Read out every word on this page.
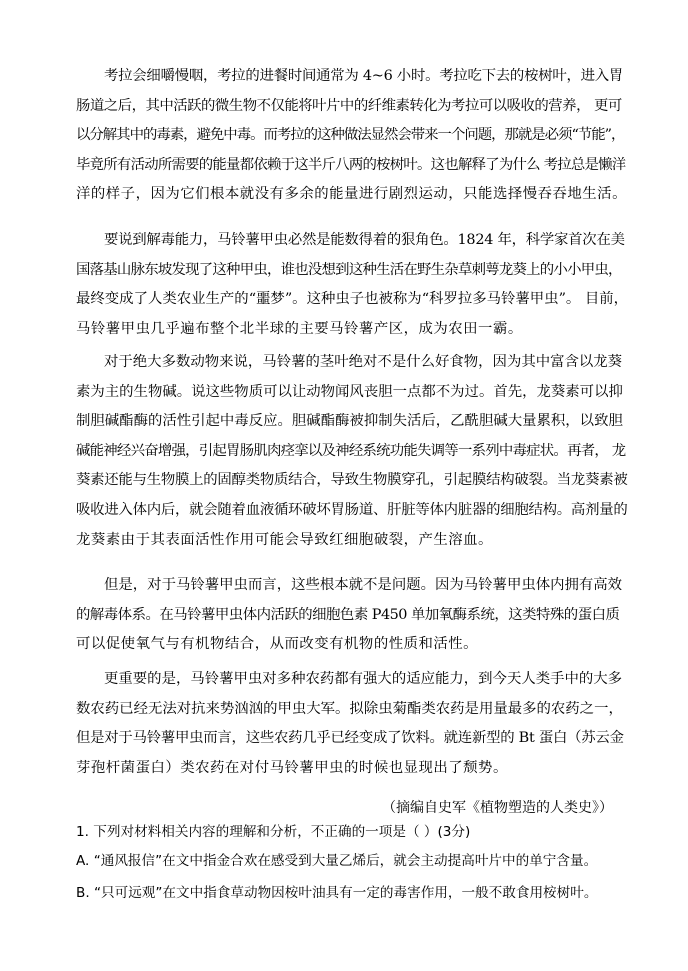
考拉会细嚼慢咽，考拉的进餐时间通常为 4~6 小时。考拉吃下去的桉树叶，进入胃
肠道之后，其中活跃的微生物不仅能将叶片中的纤维素转化为考拉可以吸收的营养， 更可
以分解其中的毒素，避免中毒。而考拉的这种做法显然会带来一个问题，那就是必须“节能”，
毕竟所有活动所需要的能量都依赖于这半斤八两的桉树叶。这也解释了为什么 考拉总是懒洋
洋的样子，因为它们根本就没有多余的能量进行剧烈运动，只能选择慢吞吞地生活。
要说到解毒能力，马铃薯甲虫必然是能数得着的狠角色。1824 年，科学家首次在美
国落基山脉东坡发现了这种甲虫，谁也没想到这种生活在野生杂草刺萼龙葵上的小小甲虫，
最终变成了人类农业生产的“噩梦”。这种虫子也被称为“科罗拉多马铃薯甲虫”。 目前，
马铃薯甲虫几乎遍布整个北半球的主要马铃薯产区，成为农田一霸。
对于绝大多数动物来说，马铃薯的茎叶绝对不是什么好食物，因为其中富含以龙葵
素为主的生物碱。说这些物质可以让动物闻风丧胆一点都不为过。首先，龙葵素可以抑
制胆碱酯酶的活性引起中毒反应。胆碱酯酶被抑制失活后，乙酰胆碱大量累积，以致胆
碱能神经兴奋增强，引起胃肠肌肉痉挛以及神经系统功能失调等一系列中毒症状。再者， 龙
葵素还能与生物膜上的固醇类物质结合，导致生物膜穿孔，引起膜结构破裂。当龙葵素被
吸收进入体内后，就会随着血液循环破坏胃肠道、肝脏等体内脏器的细胞结构。高剂量的
龙葵素由于其表面活性作用可能会导致红细胞破裂，产生溶血。
但是，对于马铃薯甲虫而言，这些根本就不是问题。因为马铃薯甲虫体内拥有高效
的解毒体系。在马铃薯甲虫体内活跃的细胞色素 P450 单加氧酶系统，这类特殊的蛋白质
可以促使氧气与有机物结合，从而改变有机物的性质和活性。
更重要的是，马铃薯甲虫对多种农药都有强大的适应能力，到今天人类手中的大多
数农药已经无法对抗来势汹汹的甲虫大军。拟除虫菊酯类农药是用量最多的农药之一，
但是对于马铃薯甲虫而言，这些农药几乎已经变成了饮料。就连新型的 Bt 蛋白（苏云金
芽孢杆菌蛋白）类农药在对付马铃薯甲虫的时候也显现出了颓势。
（摘编自史军《植物塑造的人类史》）
1. 下列对材料相关内容的理解和分析，不正确的一项是（ ）(3分)
A. “通风报信”在文中指金合欢在感受到大量乙烯后，就会主动提高叶片中的单宁含量。
B. “只可远观”在文中指食草动物因桉叶油具有一定的毒害作用，一般不敢食用桉树叶。
